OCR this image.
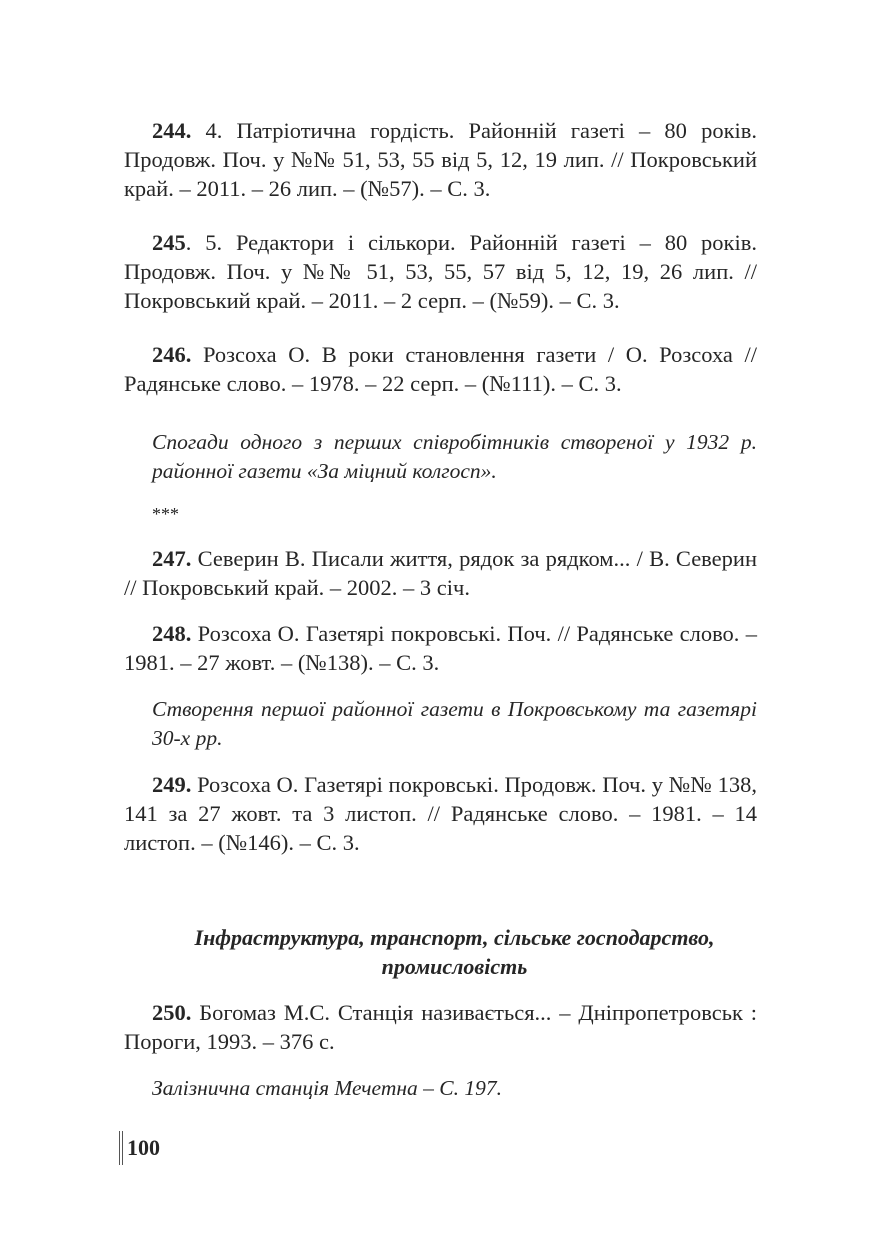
244. 4. Патріотична гордість. Районній газеті – 80 років. Продовж. Поч. у №№ 51, 53, 55 від 5, 12, 19 лип. // Покровський край. – 2011. – 26 лип. – (№57). – С. 3.

245. 5. Редактори і сількори. Районній газеті – 80 років. Продовж. Поч. у №№ 51, 53, 55, 57 від 5, 12, 19, 26 лип. // Покровський край. – 2011. – 2 серп. – (№59). – С. 3.

246. Розсоха О. В роки становлення газети / О. Розсоха // Радянське слово. – 1978. – 22 серп. – (№111). – С. 3.

Спогади одного з перших співробітників створеної у 1932 р. районної газети «За міцний колгосп».

***

247. Северин В. Писали життя, рядок за рядком... / В. Северин // Покровський край. – 2002. – 3 січ.

248. Розсоха О. Газетярі покровські. Поч. // Радянське слово. – 1981. – 27 жовт. – (№138). – С. 3.

Створення першої районної газети в Покровському та газетярі 30-х рр.

249. Розсоха О. Газетярі покровські. Продовж. Поч. у №№ 138, 141 за 27 жовт. та 3 листоп. // Радянське слово. – 1981. – 14 листоп. – (№146). – С. 3.

Інфраструктура, транспорт, сільське господарство,

промисловість

250. Богомаз М.С. Станція називається... – Дніпропетровськ : Пороги, 1993. – 376 с.

Залізнична станція Мечетна – С. 197.

100
